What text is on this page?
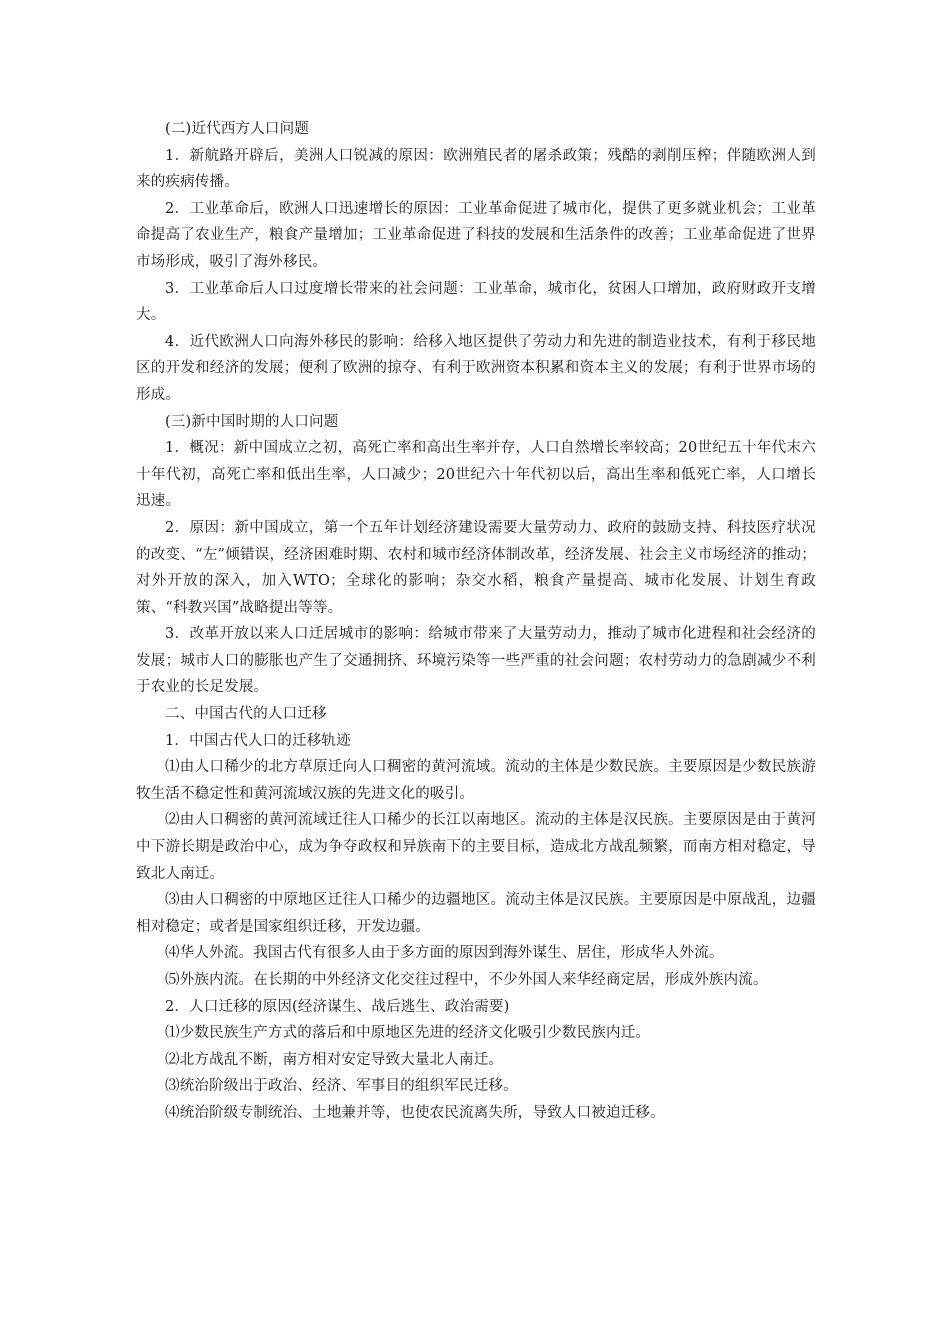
(二)近代西方人口问题

1．新航路开辟后，美洲人口锐减的原因：欧洲殖民者的屠杀政策；残酷的剥削压榨；伴随欧洲人到来的疾病传播。

2．工业革命后，欧洲人口迅速增长的原因：工业革命促进了城市化，提供了更多就业机会；工业革命提高了农业生产，粮食产量增加；工业革命促进了科技的发展和生活条件的改善；工业革命促进了世界市场形成，吸引了海外移民。

3．工业革命后人口过度增长带来的社会问题：工业革命，城市化，贫困人口增加，政府财政开支增大。

4．近代欧洲人口向海外移民的影响：给移入地区提供了劳动力和先进的制造业技术，有利于移民地区的开发和经济的发展；便利了欧洲的掠夺、有利于欧洲资本积累和资本主义的发展；有利于世界市场的形成。

(三)新中国时期的人口问题

1．概况：新中国成立之初，高死亡率和高出生率并存，人口自然增长率较高；20世纪五十年代末六十年代初，高死亡率和低出生率，人口减少；20世纪六十年代初以后，高出生率和低死亡率，人口增长迅速。

2．原因：新中国成立，第一个五年计划经济建设需要大量劳动力、政府的鼓励支持、科技医疗状况的改变、“左”倾错误，经济困难时期、农村和城市经济体制改革，经济发展、社会主义市场经济的推动；对外开放的深入，加入WTO；全球化的影响；杂交水稻，粮食产量提高、城市化发展、计划生育政策、“科教兴国”战略提出等等。

3．改革开放以来人口迁居城市的影响：给城市带来了大量劳动力，推动了城市化进程和社会经济的发展；城市人口的膨胀也产生了交通拥挤、环境污染等一些严重的社会问题；农村劳动力的急剧减少不利于农业的长足发展。

二、中国古代的人口迁移

1．中国古代人口的迁移轨迹

⑴由人口稀少的北方草原迁向人口稠密的黄河流域。流动的主体是少数民族。主要原因是少数民族游牧生活不稳定性和黄河流域汉族的先进文化的吸引。

⑵由人口稠密的黄河流域迁往人口稀少的长江以南地区。流动的主体是汉民族。主要原因是由于黄河中下游长期是政治中心，成为争夺政权和异族南下的主要目标，造成北方战乱频繁，而南方相对稳定，导致北人南迁。

⑶由人口稠密的中原地区迁往人口稀少的边疆地区。流动主体是汉民族。主要原因是中原战乱，边疆相对稳定；或者是国家组织迁移，开发边疆。

⑷华人外流。我国古代有很多人由于多方面的原因到海外谋生、居住，形成华人外流。

⑸外族内流。在长期的中外经济文化交往过程中，不少外国人来华经商定居，形成外族内流。

2．人口迁移的原因(经济谋生、战后逃生、政治需要)

⑴少数民族生产方式的落后和中原地区先进的经济文化吸引少数民族内迁。

⑵北方战乱不断，南方相对安定导致大量北人南迁。

⑶统治阶级出于政治、经济、军事目的组织军民迁移。

⑷统治阶级专制统治、土地兼并等，也使农民流离失所，导致人口被迫迁移。
